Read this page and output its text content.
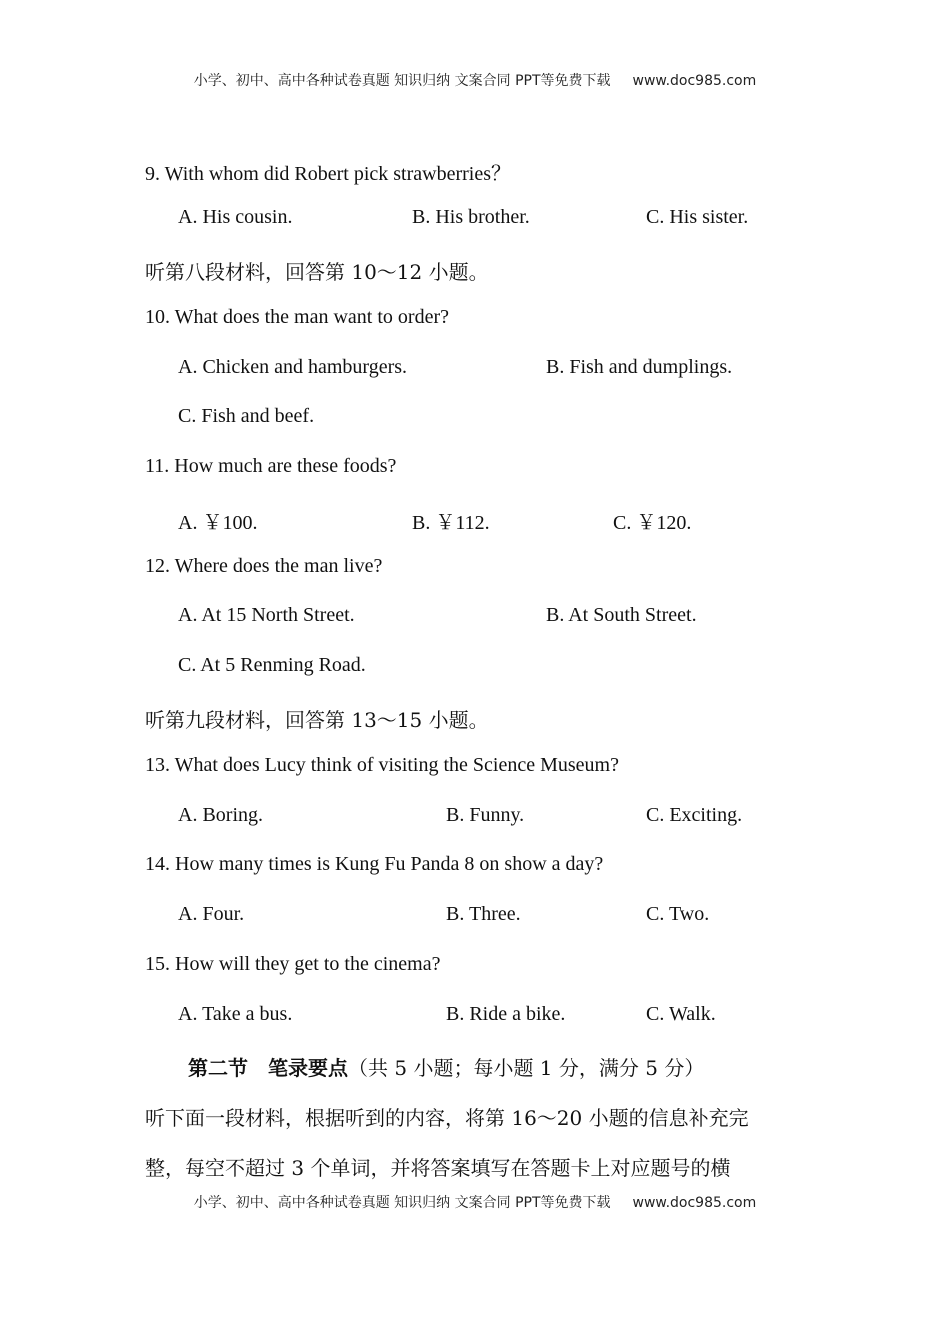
小学、初中、高中各种试卷真题 知识归纳 文案合同 PPT等免费下载 www.doc985.com
9. With whom did Robert pick strawberries？
A. His cousin.	B. His brother.	C. His sister.
听第八段材料，回答第 10～12 小题。
10. What does the man want to order?
A. Chicken and hamburgers.	B. Fish and dumplings.
C. Fish and beef.
11. How much are these foods?
A. ￥100.	B. ￥112.	C. ￥120.
12. Where does the man live?
A. At 15 North Street.	B. At South Street.
C. At 5 Renming Road.
听第九段材料，回答第 13～15 小题。
13. What does Lucy think of visiting the Science Museum?
A. Boring.	B. Funny.	C. Exciting.
14. How many times is Kung Fu Panda 8 on show a day?
A. Four.	B. Three.	C. Two.
15. How will they get to the cinema?
A. Take a bus.	B. Ride a bike.	C. Walk.
第二节　笔录要点（共 5 小题；每小题 1 分，满分 5 分）
听下面一段材料，根据听到的内容，将第 16～20 小题的信息补充完
整，每空不超过 3 个单词，并将答案填写在答题卡上对应题号的横
小学、初中、高中各种试卷真题 知识归纳 文案合同 PPT等免费下载 www.doc985.com
